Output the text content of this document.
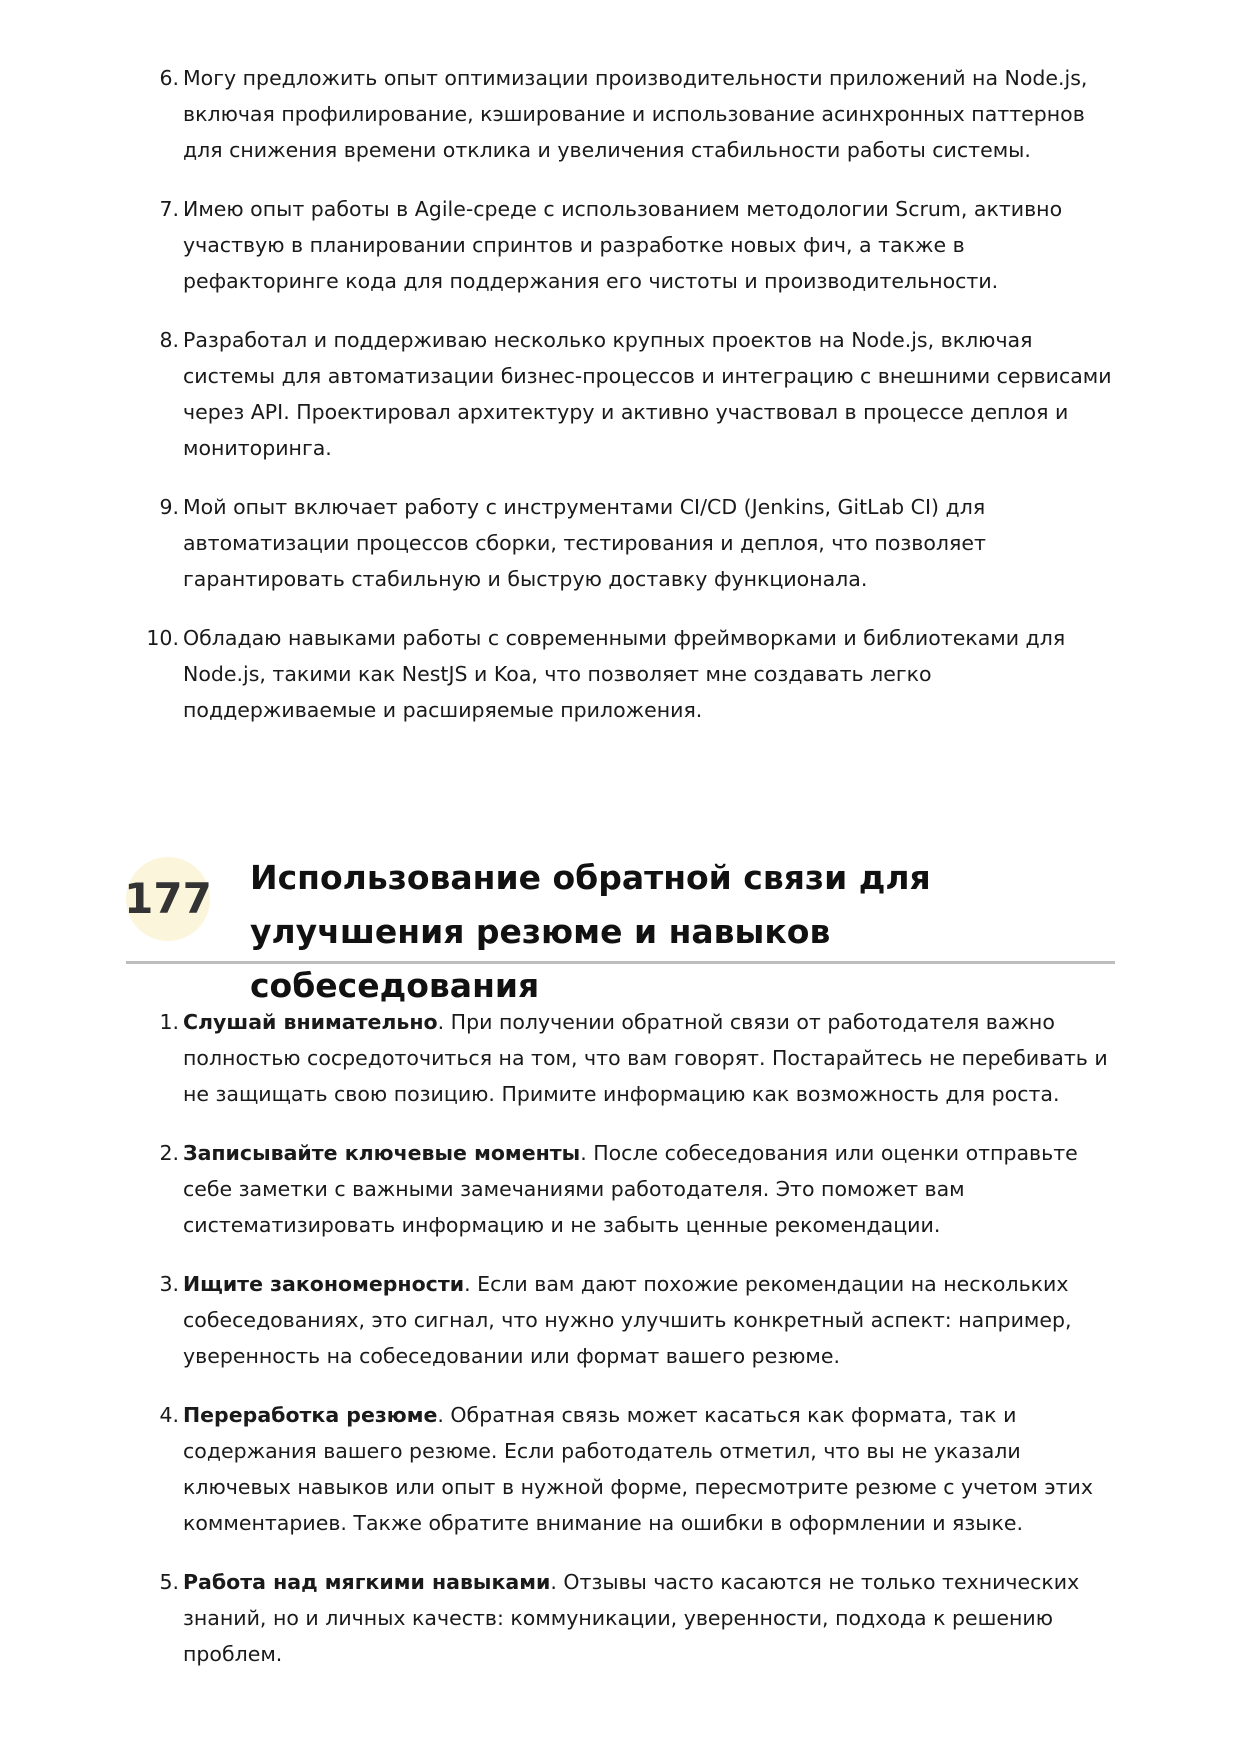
6. Могу предложить опыт оптимизации производительности приложений на Node.js, включая профилирование, кэширование и использование асинхронных паттернов для снижения времени отклика и увеличения стабильности работы системы.
7. Имею опыт работы в Agile-среде с использованием методологии Scrum, активно участвую в планировании спринтов и разработке новых фич, а также в рефакторинге кода для поддержания его чистоты и производительности.
8. Разработал и поддерживаю несколько крупных проектов на Node.js, включая системы для автоматизации бизнес-процессов и интеграцию с внешними сервисами через API. Проектировал архитектуру и активно участвовал в процессе деплоя и мониторинга.
9. Мой опыт включает работу с инструментами CI/CD (Jenkins, GitLab CI) для автоматизации процессов сборки, тестирования и деплоя, что позволяет гарантировать стабильную и быструю доставку функционала.
10. Обладаю навыками работы с современными фреймворками и библиотеками для Node.js, такими как NestJS и Koa, что позволяет мне создавать легко поддерживаемые и расширяемые приложения.
177 Использование обратной связи для улучшения резюме и навыков собеседования
1. Слушай внимательно. При получении обратной связи от работодателя важно полностью сосредоточиться на том, что вам говорят. Постарайтесь не перебивать и не защищать свою позицию. Примите информацию как возможность для роста.
2. Записывайте ключевые моменты. После собеседования или оценки отправьте себе заметки с важными замечаниями работодателя. Это поможет вам систематизировать информацию и не забыть ценные рекомендации.
3. Ищите закономерности. Если вам дают похожие рекомендации на нескольких собеседованиях, это сигнал, что нужно улучшить конкретный аспект: например, уверенность на собеседовании или формат вашего резюме.
4. Переработка резюме. Обратная связь может касаться как формата, так и содержания вашего резюме. Если работодатель отметил, что вы не указали ключевых навыков или опыт в нужной форме, пересмотрите резюме с учетом этих комментариев. Также обратите внимание на ошибки в оформлении и языке.
5. Работа над мягкими навыками. Отзывы часто касаются не только технических знаний, но и личных качеств: коммуникации, уверенности, подхода к решению проблем.
